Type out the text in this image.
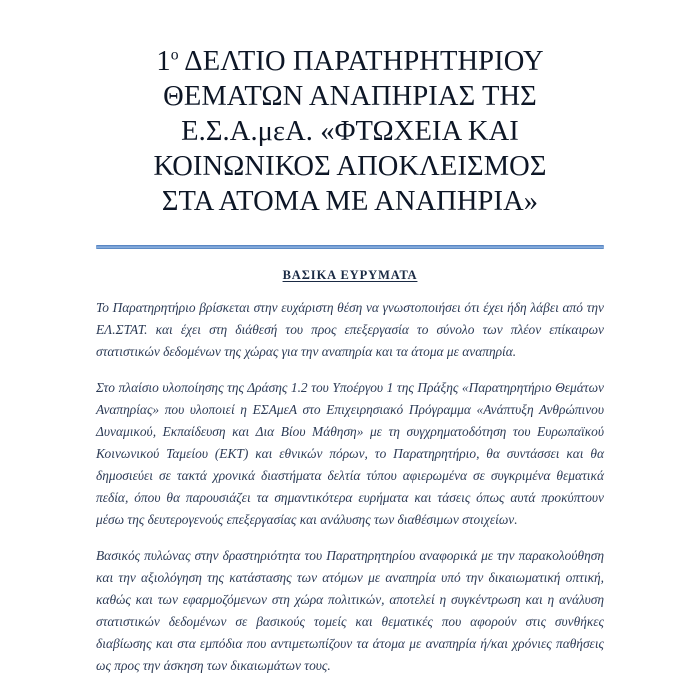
$1^o$ ΔΕΛΤΙΟ ΠΑΡΑΤΗΡΗΤΗΡΙΟΥ
ΘΕΜΑΤΩΝ ΑΝΑΠΗΡΙΑΣ ΤΗΣ
Ε.Σ.Α.μεΑ. «ΦΤΩΧΕΙΑ ΚΑΙ
ΚΟΙΝΩΝΙΚΟΣ ΑΠΟΚΛΕΙΣΜΟΣ
ΣΤΑ ΑΤΟΜΑ ΜΕ ΑΝΑΠΗΡΙΑ»
ΒΑΣΙΚΑ ΕΥΡΥΜΑΤΑ

Το Παρατηρητήριο βρίσκεται στην ευχάριστη θέση να γνωστοποιήσει ότι έχει ήδη λάβει από την ΕΛ.ΣΤΑΤ. και έχει στη διάθεσή του προς επεξεργασία το σύνολο των πλέον επίκαιρων στατιστικών δεδομένων της χώρας για την αναπηρία και τα άτομα με αναπηρία.

Στο πλαίσιο υλοποίησης της Δράσης 1.2 του Υποέργου 1 της Πράξης «Παρατηρητήριο Θεμάτων Αναπηρίας» που υλοποιεί η ΕΣΑμεΑ στο Επιχειρησιακό Πρόγραμμα «Ανάπτυξη Ανθρώπινου Δυναμικού, Εκπαίδευση και Δια Βίου Μάθηση» με τη συγχρηματοδότηση του Ευρωπαϊκού Κοινωνικού Ταμείου (ΕΚΤ) και εθνικών πόρων, το Παρατηρητήριο, θα συντάσσει και θα δημοσιεύει σε τακτά χρονικά διαστήματα δελτία τύπου αφιερωμένα σε συγκριμένα θεματικά πεδία, όπου θα παρουσιάζει τα σημαντικότερα ευρήματα και τάσεις όπως αυτά προκύπτουν μέσω της δευτερογενούς επεξεργασίας και ανάλυσης των διαθέσιμων στοιχείων.

Βασικός πυλώνας στην δραστηριότητα του Παρατηρητηρίου αναφορικά με την παρακολούθηση και την αξιολόγηση της κατάστασης των ατόμων με αναπηρία υπό την δικαιωματική οπτική, καθώς και των εφαρμοζόμενων στη χώρα πολιτικών, αποτελεί η συγκέντρωση και η ανάλυση στατιστικών δεδομένων σε βασικούς τομείς και θεματικές που αφορούν στις συνθήκες διαβίωσης και στα εμπόδια που αντιμετωπίζουν τα άτομα με αναπηρία ή/και χρόνιες παθήσεις ως προς την άσκηση των δικαιωμάτων τους.
